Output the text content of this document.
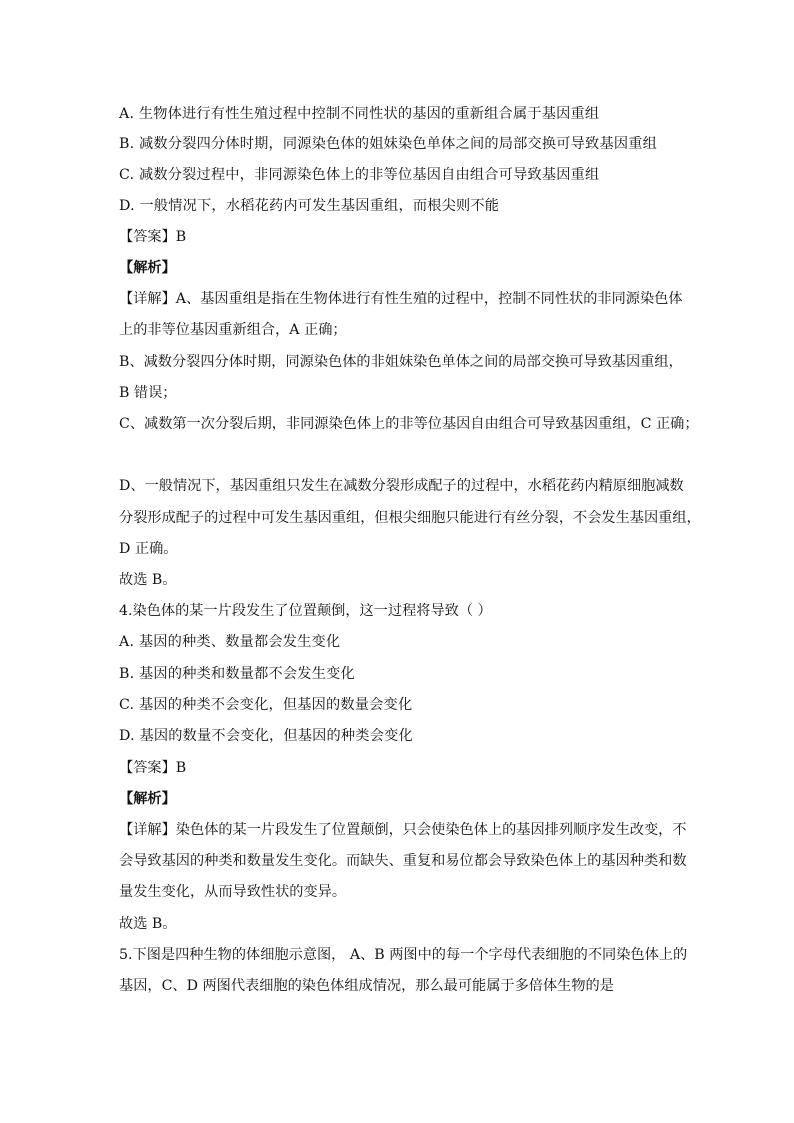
A. 生物体进行有性生殖过程中控制不同性状的基因的重新组合属于基因重组
B. 减数分裂四分体时期，同源染色体的姐妹染色单体之间的局部交换可导致基因重组
C. 减数分裂过程中，非同源染色体上的非等位基因自由组合可导致基因重组
D. 一般情况下，水稻花药内可发生基因重组，而根尖则不能
【答案】B
【解析】
【详解】A、基因重组是指在生物体进行有性生殖的过程中，控制不同性状的非同源染色体
上的非等位基因重新组合，A 正确；
B、减数分裂四分体时期，同源染色体的非姐妹染色单体之间的局部交换可导致基因重组，
B 错误；
C、减数第一次分裂后期，非同源染色体上的非等位基因自由组合可导致基因重组，C 正确；
D、一般情况下，基因重组只发生在减数分裂形成配子的过程中，水稻花药内精原细胞减数
分裂形成配子的过程中可发生基因重组，但根尖细胞只能进行有丝分裂，不会发生基因重组，
D 正确。
故选 B。
4.染色体的某一片段发生了位置颠倒，这一过程将导致（ ）
A. 基因的种类、数量都会发生变化
B. 基因的种类和数量都不会发生变化
C. 基因的种类不会变化，但基因的数量会变化
D. 基因的数量不会变化，但基因的种类会变化
【答案】B
【解析】
【详解】染色体的某一片段发生了位置颠倒，只会使染色体上的基因排列顺序发生改变，不
会导致基因的种类和数量发生变化。而缺失、重复和易位都会导致染色体上的基因种类和数
量发生变化，从而导致性状的变异。
故选 B。
5.下图是四种生物的体细胞示意图， A、B 两图中的每一个字母代表细胞的不同染色体上的
基因，C、D 两图代表细胞的染色体组成情况，那么最可能属于多倍体生物的是
